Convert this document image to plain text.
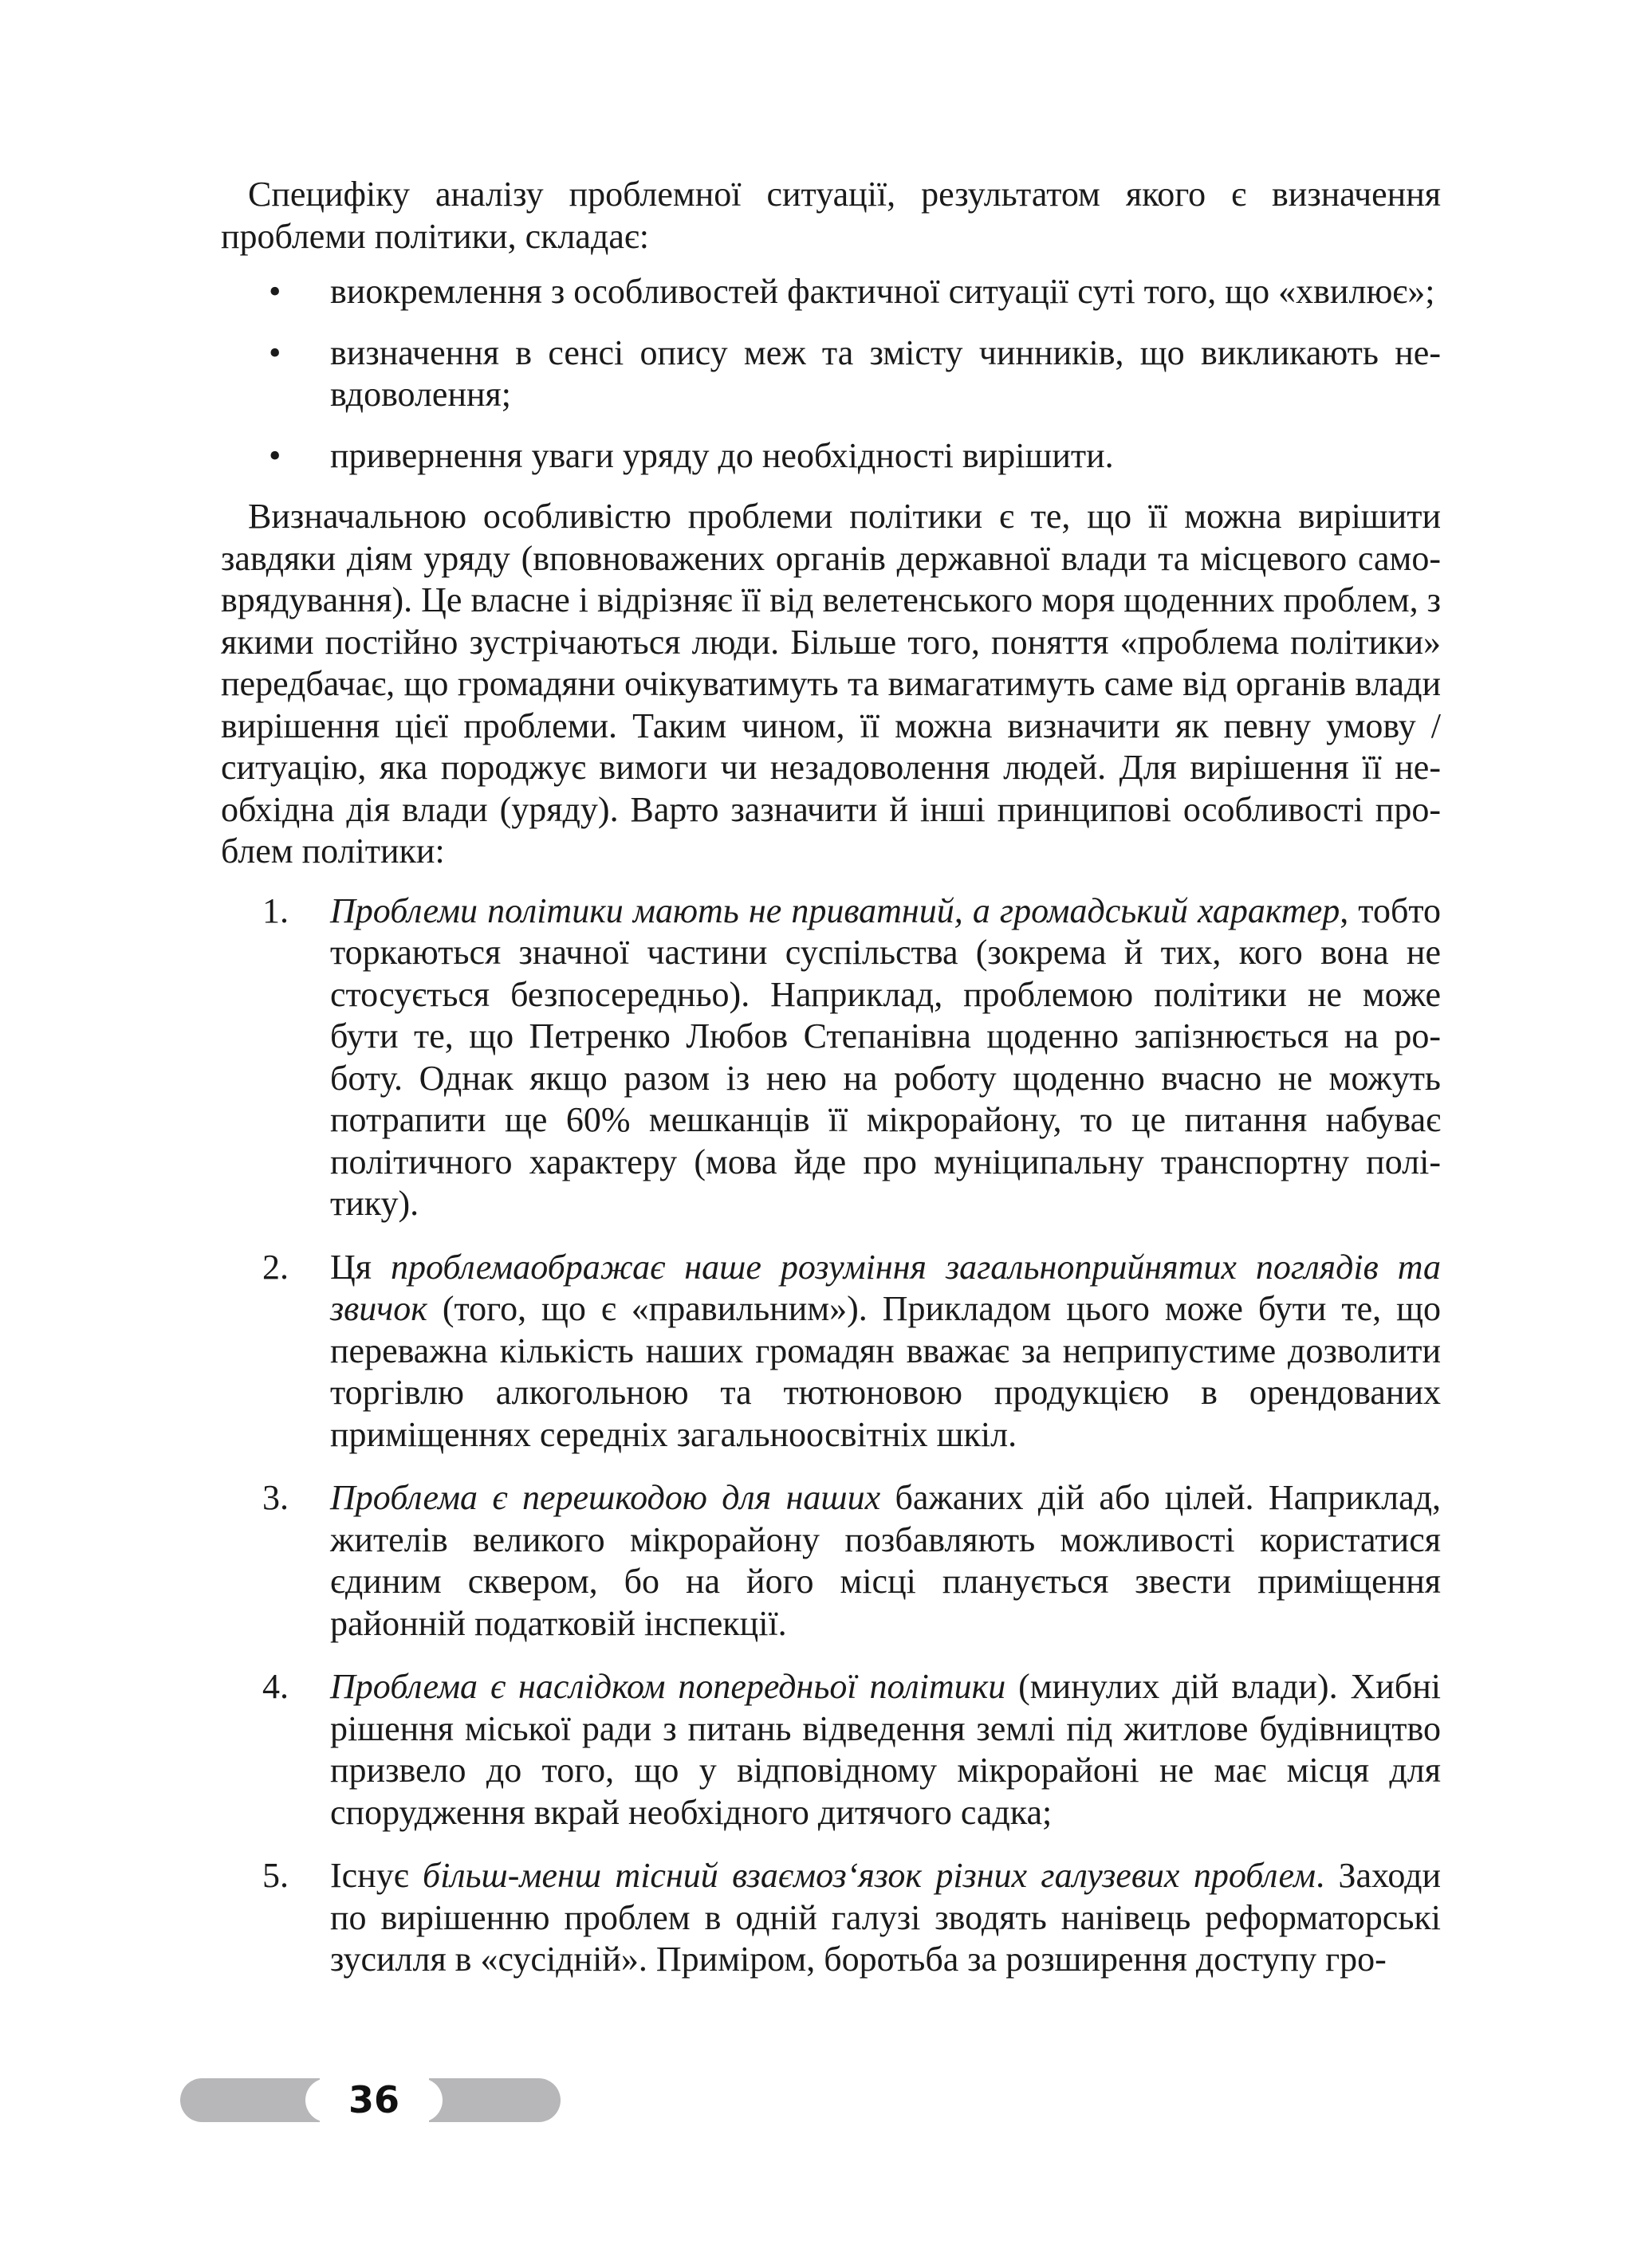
Специфіку аналізу проблемної ситуації, результатом якого є визначення проблеми політики, складає:

• виокремлення з особливостей фактичної ситуації суті того, що «хвилює»;
• визначення в сенсі опису меж та змісту чинників, що викликають невдоволення;
• привернення уваги уряду до необхідності вирішити.

Визначальною особливістю проблеми політики є те, що її можна вирішити завдяки діям уряду (вповноважених органів державної влади та місцевого самоврядування). Це власне і відрізняє її від велетенського моря щоденних проблем, з якими постійно зустрічаються люди. Більше того, поняття «проблема політики» передбачає, що громадяни очікуватимуть та вимагатимуть саме від органів влади вирішення цієї проблеми. Таким чином, її можна визначити як певну умову / ситуацію, яка породжує вимоги чи незадоволення людей. Для вирішення її необхідна дія влади (уряду). Варто зазначити й інші принципові особливості проблем політики:

1. Проблеми політики мають не приватний, а громадський характер, тобто торкаються значної частини суспільства (зокрема й тих, кого вона не стосується безпосередньо). Наприклад, проблемою політики не може бути те, що Петренко Любов Степанівна щоденно запізнюється на роботу. Однак якщо разом із нею на роботу щоденно вчасно не можуть потрапити ще 60% мешканців її мікрорайону, то це питання набуває політичного характеру (мова йде про муніципальну транспортну політику).
2. Ця проблемаображає наше розуміння загальноприйнятих поглядів та звичок (того, що є «правильним»). Прикладом цього може бути те, що переважна кількість наших громадян вважає за неприпустиме дозволити торгівлю алкогольною та тютюновою продукцією в орендованих приміщеннях середніх загальноосвітніх шкіл.
3. Проблема є перешкодою для наших бажаних дій або цілей. Наприклад, жителів великого мікрорайону позбавляють можливості користатися єдиним сквером, бо на його місці планується звести приміщення районній податковій інспекції.
4. Проблема є наслідком попередньої політики (минулих дій влади). Хибні рішення міської ради з питань відведення землі під житлове будівництво призвело до того, що у відповідному мікрорайоні не має місця для спорудження вкрай необхідного дитячого садка;
5. Існує більш-менш тісний взаємоз‘язок різних галузевих проблем. Заходи по вирішенню проблем в одній галузі зводять нанівець реформаторські зусилля в «сусідній». Приміром, боротьба за розширення доступу гро-
36
